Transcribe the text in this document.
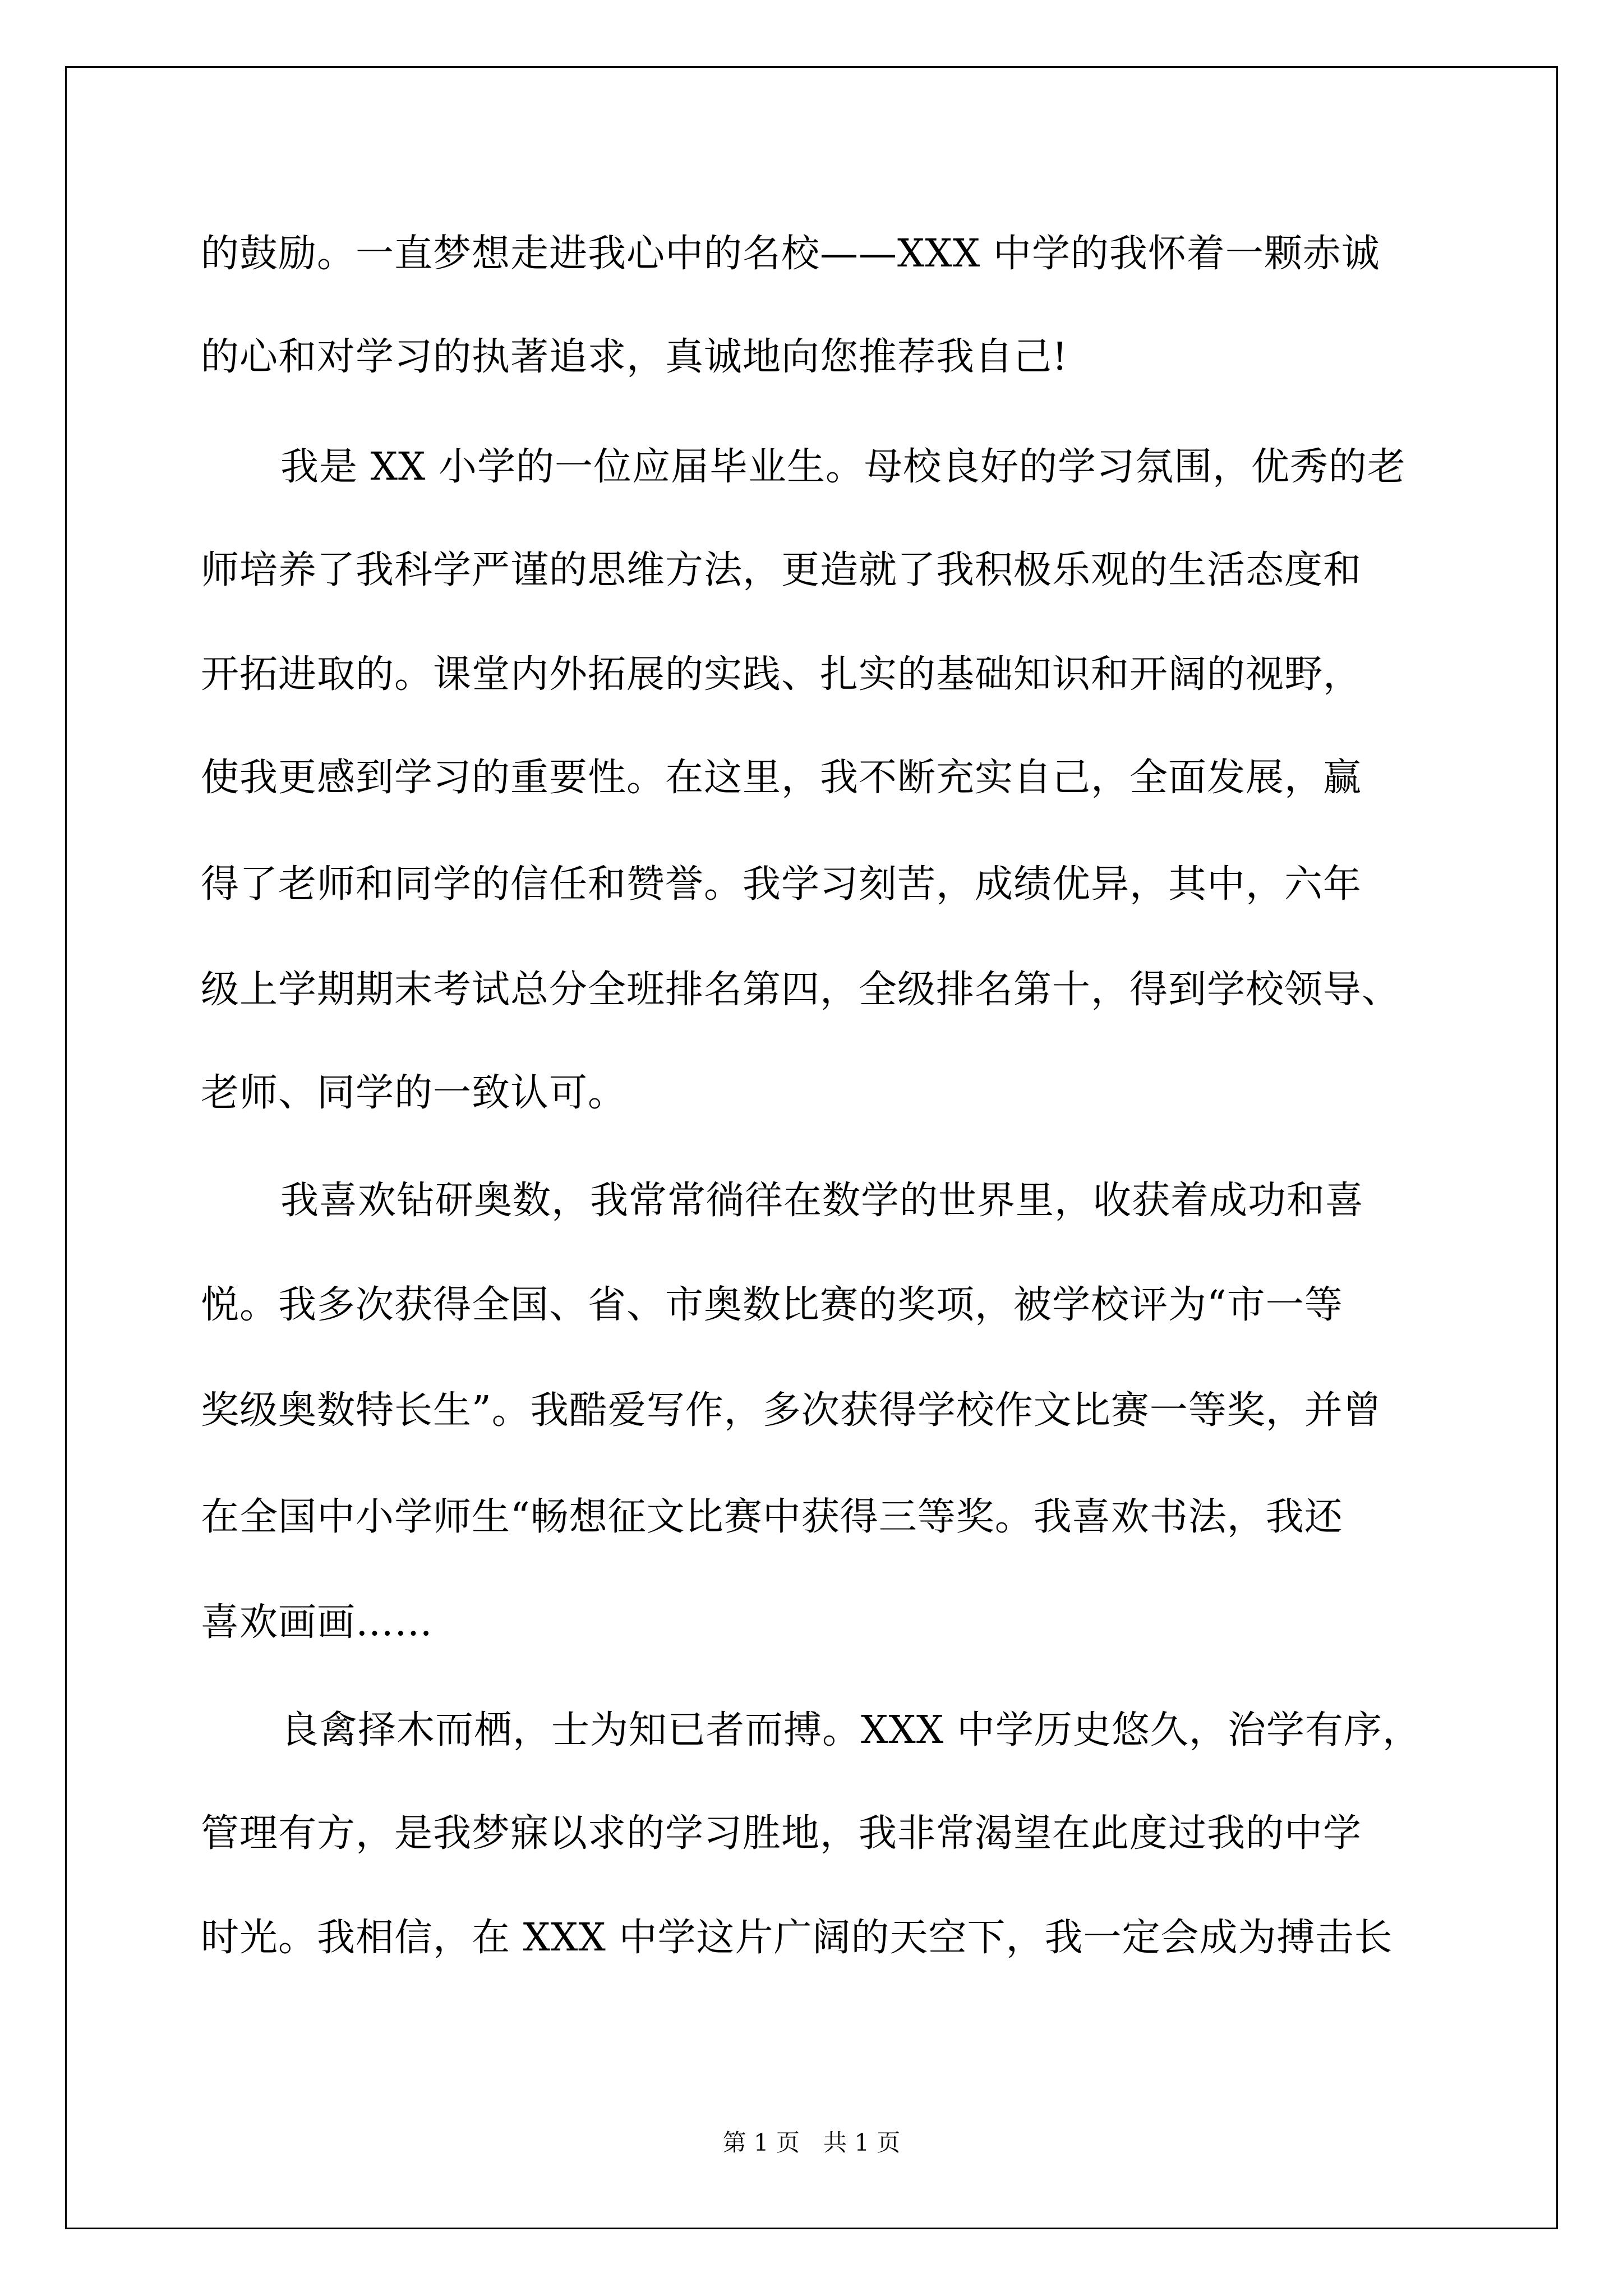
的鼓励。一直梦想走进我心中的名校——XXX 中学的我怀着一颗赤诚
的心和对学习的执著追求，真诚地向您推荐我自己!
我是 XX 小学的一位应届毕业生。母校良好的学习氛围，优秀的老
师培养了我科学严谨的思维方法，更造就了我积极乐观的生活态度和
开拓进取的。课堂内外拓展的实践、扎实的基础知识和开阔的视野，
使我更感到学习的重要性。在这里，我不断充实自己，全面发展，赢
得了老师和同学的信任和赞誉。我学习刻苦，成绩优异，其中，六年
级上学期期末考试总分全班排名第四，全级排名第十，得到学校领导、
老师、同学的一致认可。
我喜欢钻研奥数，我常常徜徉在数学的世界里，收获着成功和喜
悦。我多次获得全国、省、市奥数比赛的奖项，被学校评为“市一等
奖级奥数特长生”。我酷爱写作，多次获得学校作文比赛一等奖，并曾
在全国中小学师生“畅想征文比赛中获得三等奖。我喜欢书法，我还
喜欢画画……
良禽择木而栖，士为知已者而搏。XXX 中学历史悠久，治学有序，
管理有方，是我梦寐以求的学习胜地，我非常渴望在此度过我的中学
时光。我相信，在 XXX 中学这片广阔的天空下，我一定会成为搏击长
第 1 页　共 1 页
